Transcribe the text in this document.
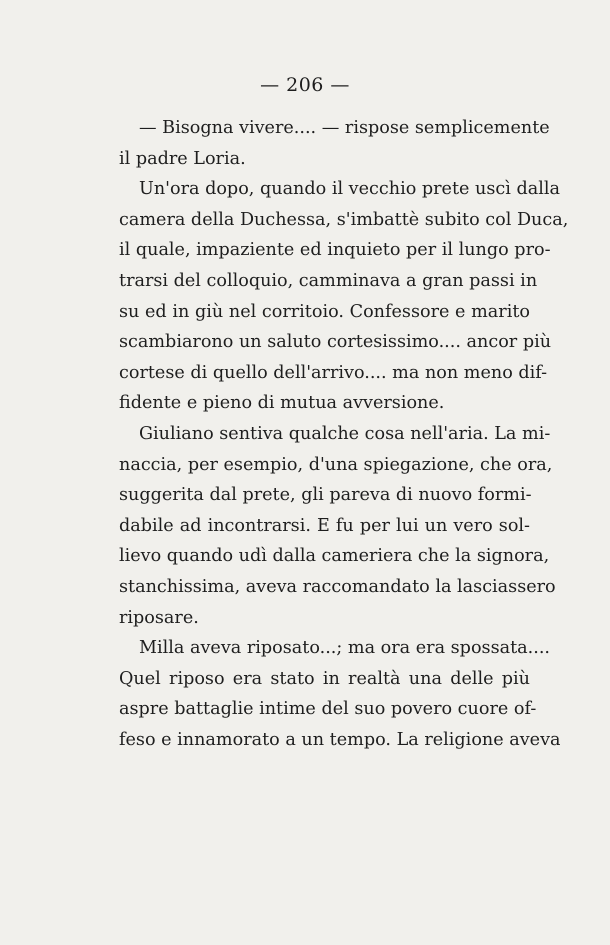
— 206 —
— Bisogna vivere.... — rispose semplicemente
il padre Loria.
Un'ora dopo, quando il vecchio prete uscì dalla
camera della Duchessa, s'imbattè subito col Duca,
il quale, impaziente ed inquieto per il lungo pro-
trarsi del colloquio, camminava a gran passi in
su ed in giù nel corritoio. Confessore e marito
scambiarono un saluto cortesissimo.... ancor più
cortese di quello dell'arrivo.... ma non meno dif-
fidente e pieno di mutua avversione.
Giuliano sentiva qualche cosa nell'aria. La mi-
naccia, per esempio, d'una spiegazione, che ora,
suggerita dal prete, gli pareva di nuovo formi-
dabile ad incontrarsi. E fu per lui un vero sol-
lievo quando udì dalla cameriera che la signora,
stanchissima, aveva raccomandato la lasciassero
riposare.
Milla aveva riposato...; ma ora era spossata....
Quel riposo era stato in realtà una delle più
aspre battaglie intime del suo povero cuore of-
feso e innamorato a un tempo. La religione aveva
